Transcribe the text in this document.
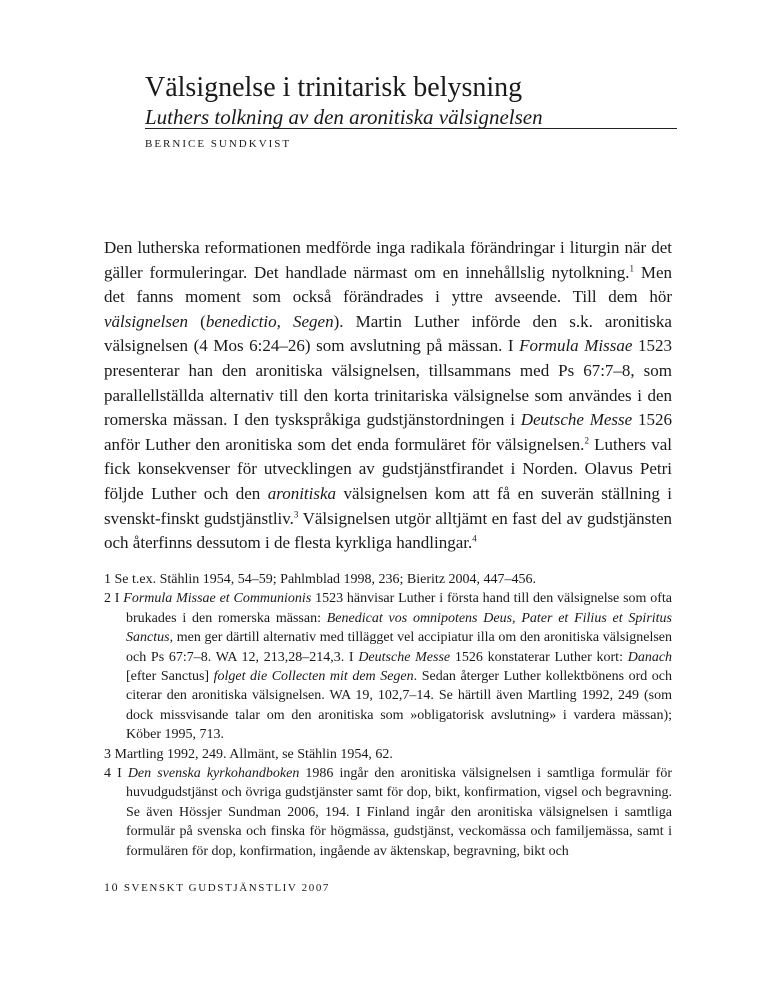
Välsignelse i trinitarisk belysning
Luthers tolkning av den aronitiska välsignelsen
BERNICE SUNDKVIST

Den lutherska reformationen medförde inga radikala förändringar i liturgin när det gäller formuleringar. Det handlade närmast om en innehållslig nytolkning.$^1$ Men det fanns moment som också förändrades i yttre avseende. Till dem hör välsignelsen (benedictio, Segen). Martin Luther införde den s.k. aronitiska välsignelsen (4 Mos 6:24–26) som avslutning på mässan. I Formula Missae 1523 presenterar han den aronitiska välsignelsen, tillsammans med Ps 67:7–8, som parallellställda alternativ till den korta trinitariska välsignelse som användes i den romerska mässan. I den tyskspråkiga gudstjänstordningen i Deutsche Messe 1526 anför Luther den aronitiska som det enda formuläret för välsignelsen.$^2$ Luthers val fick konsekvenser för utvecklingen av gudstjänstfirandet i Norden. Olavus Petri följde Luther och den aronitiska välsignelsen kom att få en suverän ställning i svenskt-finskt gudstjänstliv.$^3$ Välsignelsen utgör alltjämt en fast del av gudstjänsten och återfinns dessutom i de flesta kyrkliga handlingar.$^4$

1 Se t.ex. Stählin 1954, 54–59; Pahlmblad 1998, 236; Bieritz 2004, 447–456.

2 I Formula Missae et Communionis 1523 hänvisar Luther i första hand till den välsignelse som ofta brukades i den romerska mässan: Benedicat vos omnipotens Deus, Pater et Filius et Spiritus Sanctus, men ger därtill alternativ med tillägget vel accipiatur illa om den aronitiska välsignelsen och Ps 67:7–8. WA 12, 213,28–214,3. I Deutsche Messe 1526 konstaterar Luther kort: Danach [efter Sanctus] folget die Collecten mit dem Segen. Sedan återger Luther kollektbönens ord och citerar den aronitiska välsignelsen. WA 19, 102,7–14. Se härtill även Martling 1992, 249 (som dock missvisande talar om den aronitiska som »obligatorisk avslutning» i vardera mässan); Köber 1995, 713.

3 Martling 1992, 249. Allmänt, se Stählin 1954, 62.

4 I Den svenska kyrkohandboken 1986 ingår den aronitiska välsignelsen i samtliga formulär för huvudgudstjänst och övriga gudstjänster samt för dop, bikt, konfirmation, vigsel och begravning. Se även Hössjer Sundman 2006, 194. I Finland ingår den aronitiska välsignelsen i samtliga formulär på svenska och finska för högmässa, gudstjänst, veckomässa och familjemässa, samt i formulären för dop, konfirmation, ingående av äktenskap, begravning, bikt och

10 SVENSKT GUDSTJÄNSTLIV 2007
